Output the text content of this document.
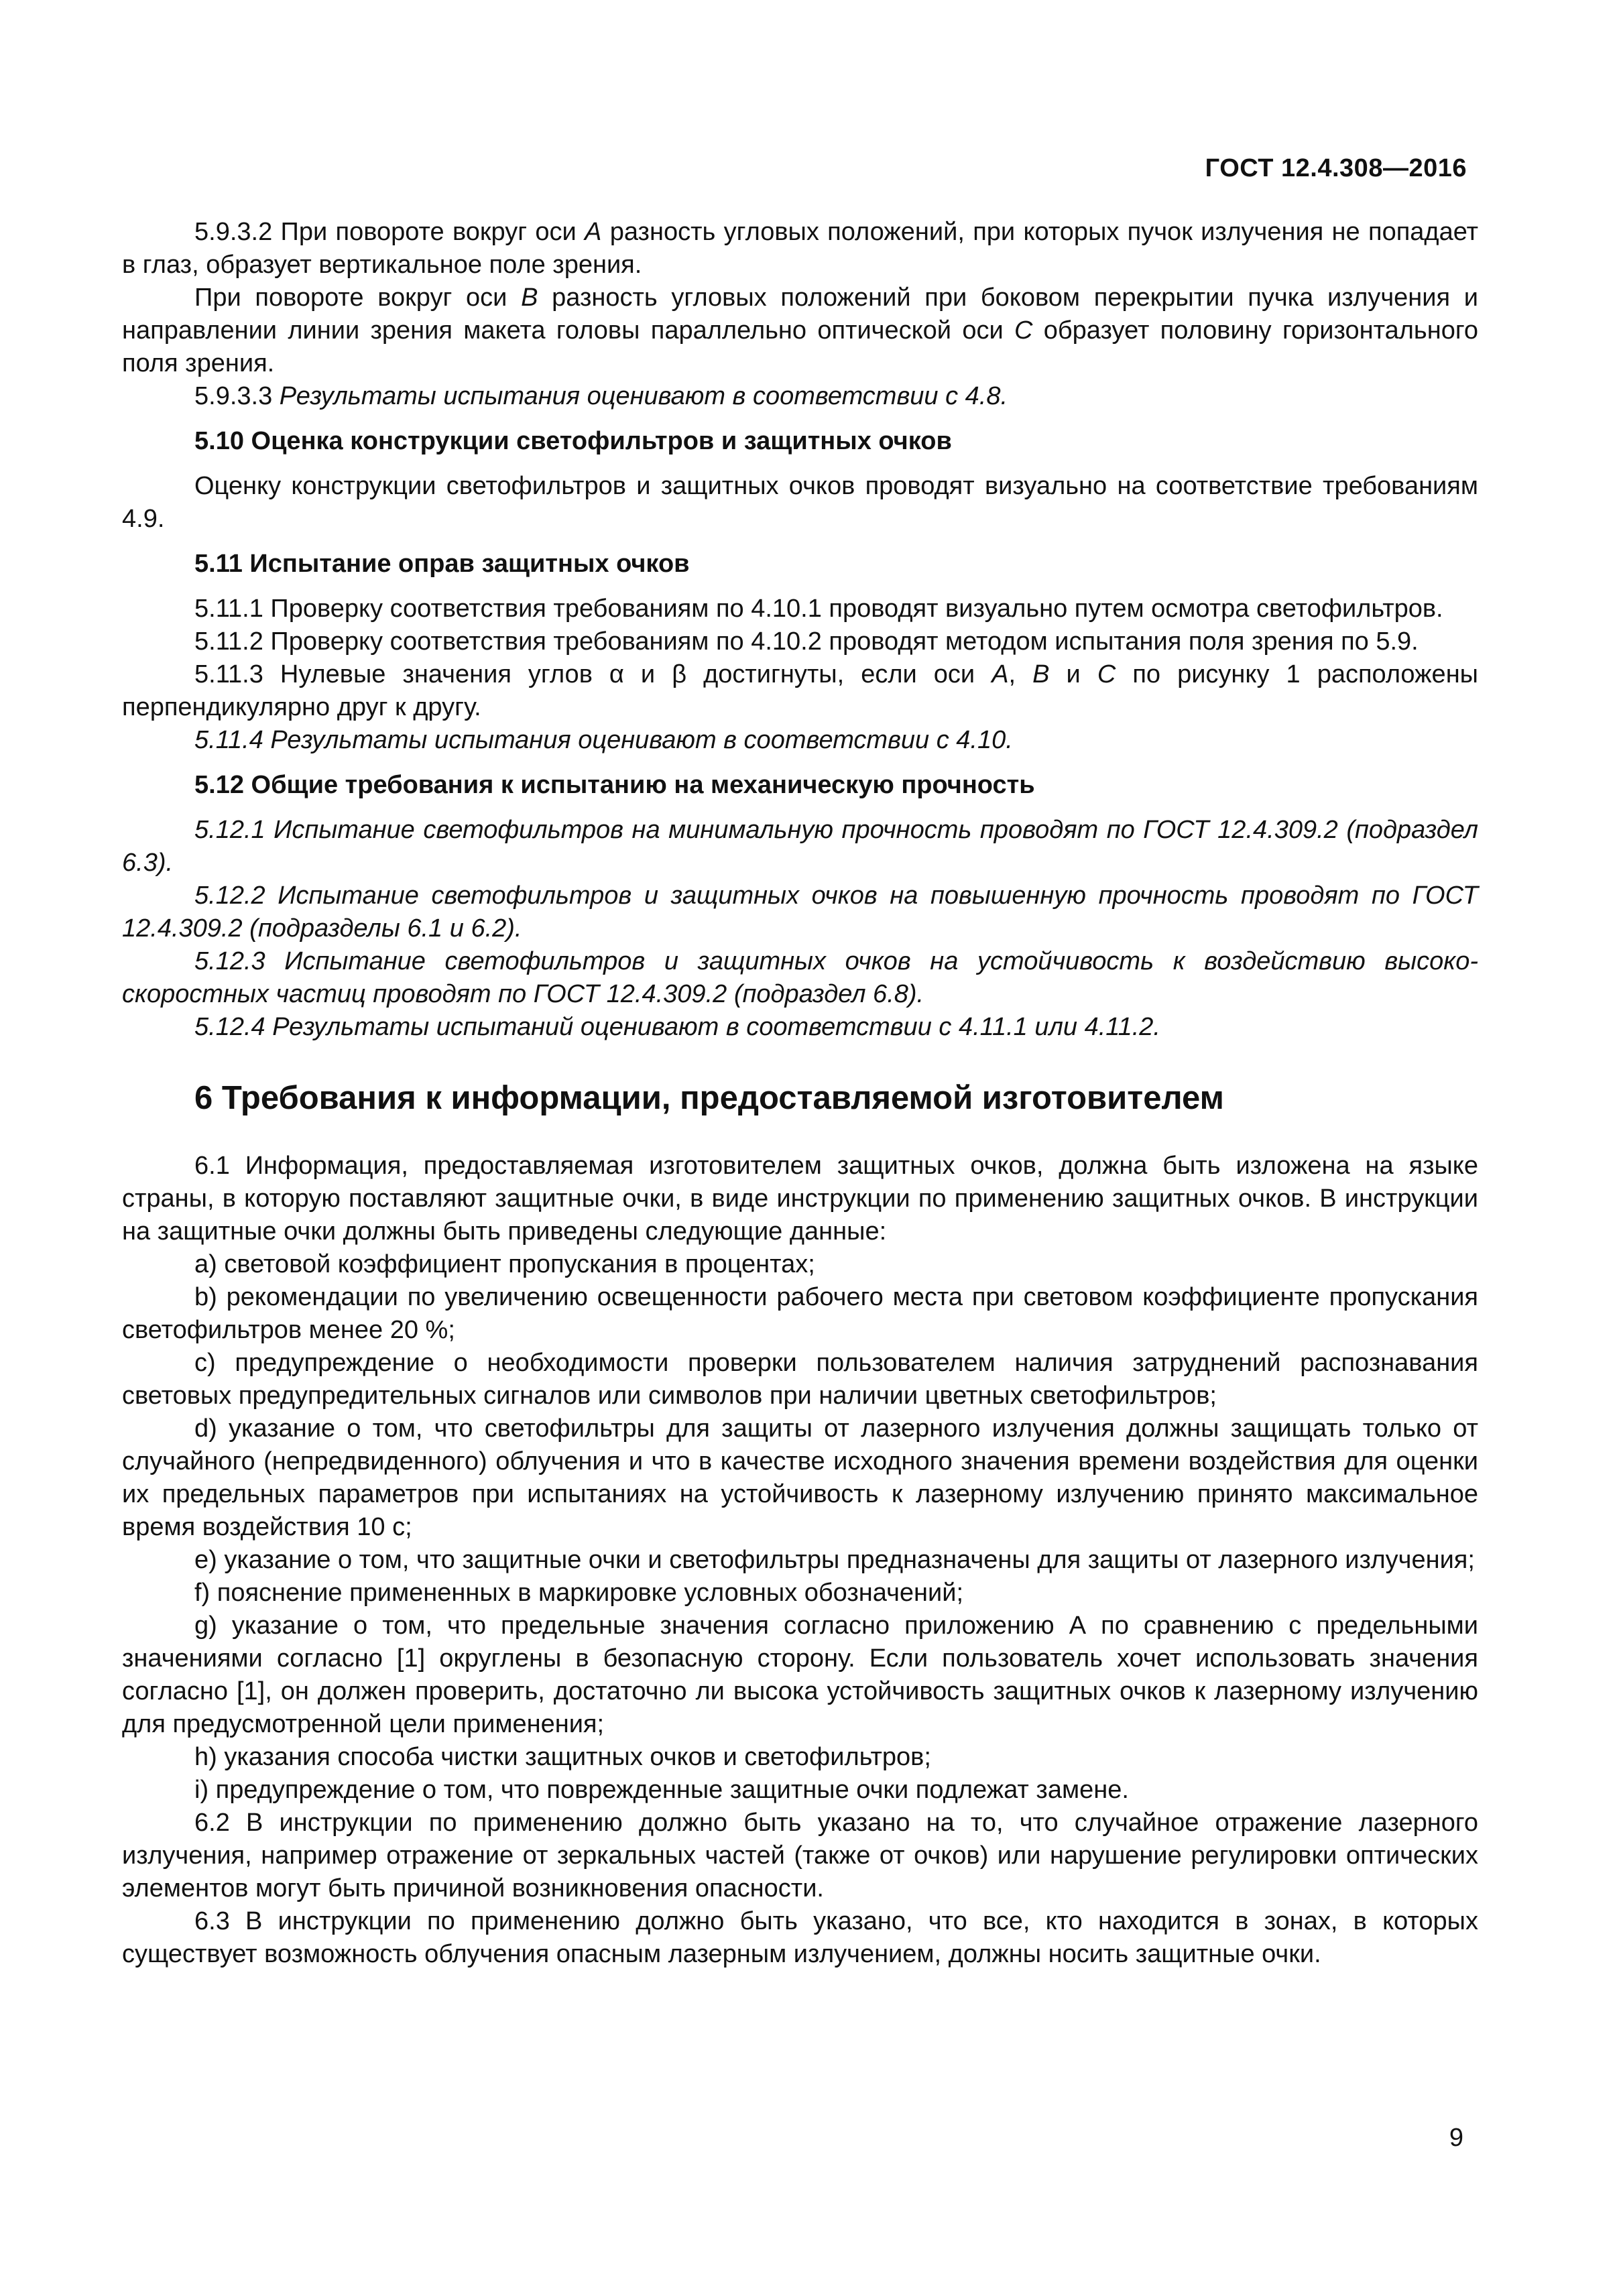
ГОСТ 12.4.308—2016

5.9.3.2 При повороте вокруг оси A разность угловых положений, при которых пучок излучения не попадает в глаз, образует вертикальное поле зрения.

При повороте вокруг оси B разность угловых положений при боковом перекрытии пучка излучения и направлении линии зрения макета головы параллельно оптической оси C образует половину горизонтального поля зрения.

5.9.3.3 Результаты испытания оценивают в соответствии с 4.8.

5.10 Оценка конструкции светофильтров и защитных очков

Оценку конструкции светофильтров и защитных очков проводят визуально на соответствие требованиям 4.9.

5.11 Испытание оправ защитных очков

5.11.1 Проверку соответствия требованиям по 4.10.1 проводят визуально путем осмотра светофильтров.

5.11.2 Проверку соответствия требованиям по 4.10.2 проводят методом испытания поля зрения по 5.9.

5.11.3 Нулевые значения углов α и β достигнуты, если оси A, B и C по рисунку 1 расположены перпендикулярно друг к другу.

5.11.4 Результаты испытания оценивают в соответствии с 4.10.

5.12 Общие требования к испытанию на механическую прочность

5.12.1 Испытание светофильтров на минимальную прочность проводят по ГОСТ 12.4.309.2 (подраздел 6.3).

5.12.2 Испытание светофильтров и защитных очков на повышенную прочность проводят по ГОСТ 12.4.309.2 (подразделы 6.1 и 6.2).

5.12.3 Испытание светофильтров и защитных очков на устойчивость к воздействию высокоскоростных частиц проводят по ГОСТ 12.4.309.2 (подраздел 6.8).

5.12.4 Результаты испытаний оценивают в соответствии с 4.11.1 или 4.11.2.

6 Требования к информации, предоставляемой изготовителем

6.1 Информация, предоставляемая изготовителем защитных очков, должна быть изложена на языке страны, в которую поставляют защитные очки, в виде инструкции по применению защитных очков. В инструкции на защитные очки должны быть приведены следующие данные:

a) световой коэффициент пропускания в процентах;

b) рекомендации по увеличению освещенности рабочего места при световом коэффициенте пропускания светофильтров менее 20 %;

c) предупреждение о необходимости проверки пользователем наличия затруднений распознавания световых предупредительных сигналов или символов при наличии цветных светофильтров;

d) указание о том, что светофильтры для защиты от лазерного излучения должны защищать только от случайного (непредвиденного) облучения и что в качестве исходного значения времени воздействия для оценки их предельных параметров при испытаниях на устойчивость к лазерному излучению принято максимальное время воздействия 10 с;

e) указание о том, что защитные очки и светофильтры предназначены для защиты от лазерного излучения;

f) пояснение примененных в маркировке условных обозначений;

g) указание о том, что предельные значения согласно приложению А по сравнению с предельными значениями согласно [1] округлены в безопасную сторону. Если пользователь хочет использовать значения согласно [1], он должен проверить, достаточно ли высока устойчивость защитных очков к лазерному излучению для предусмотренной цели применения;

h) указания способа чистки защитных очков и светофильтров;

i) предупреждение о том, что поврежденные защитные очки подлежат замене.

6.2 В инструкции по применению должно быть указано на то, что случайное отражение лазерного излучения, например отражение от зеркальных частей (также от очков) или нарушение регулировки оптических элементов могут быть причиной возникновения опасности.

6.3 В инструкции по применению должно быть указано, что все, кто находится в зонах, в которых существует возможность облучения опасным лазерным излучением, должны носить защитные очки.

9
